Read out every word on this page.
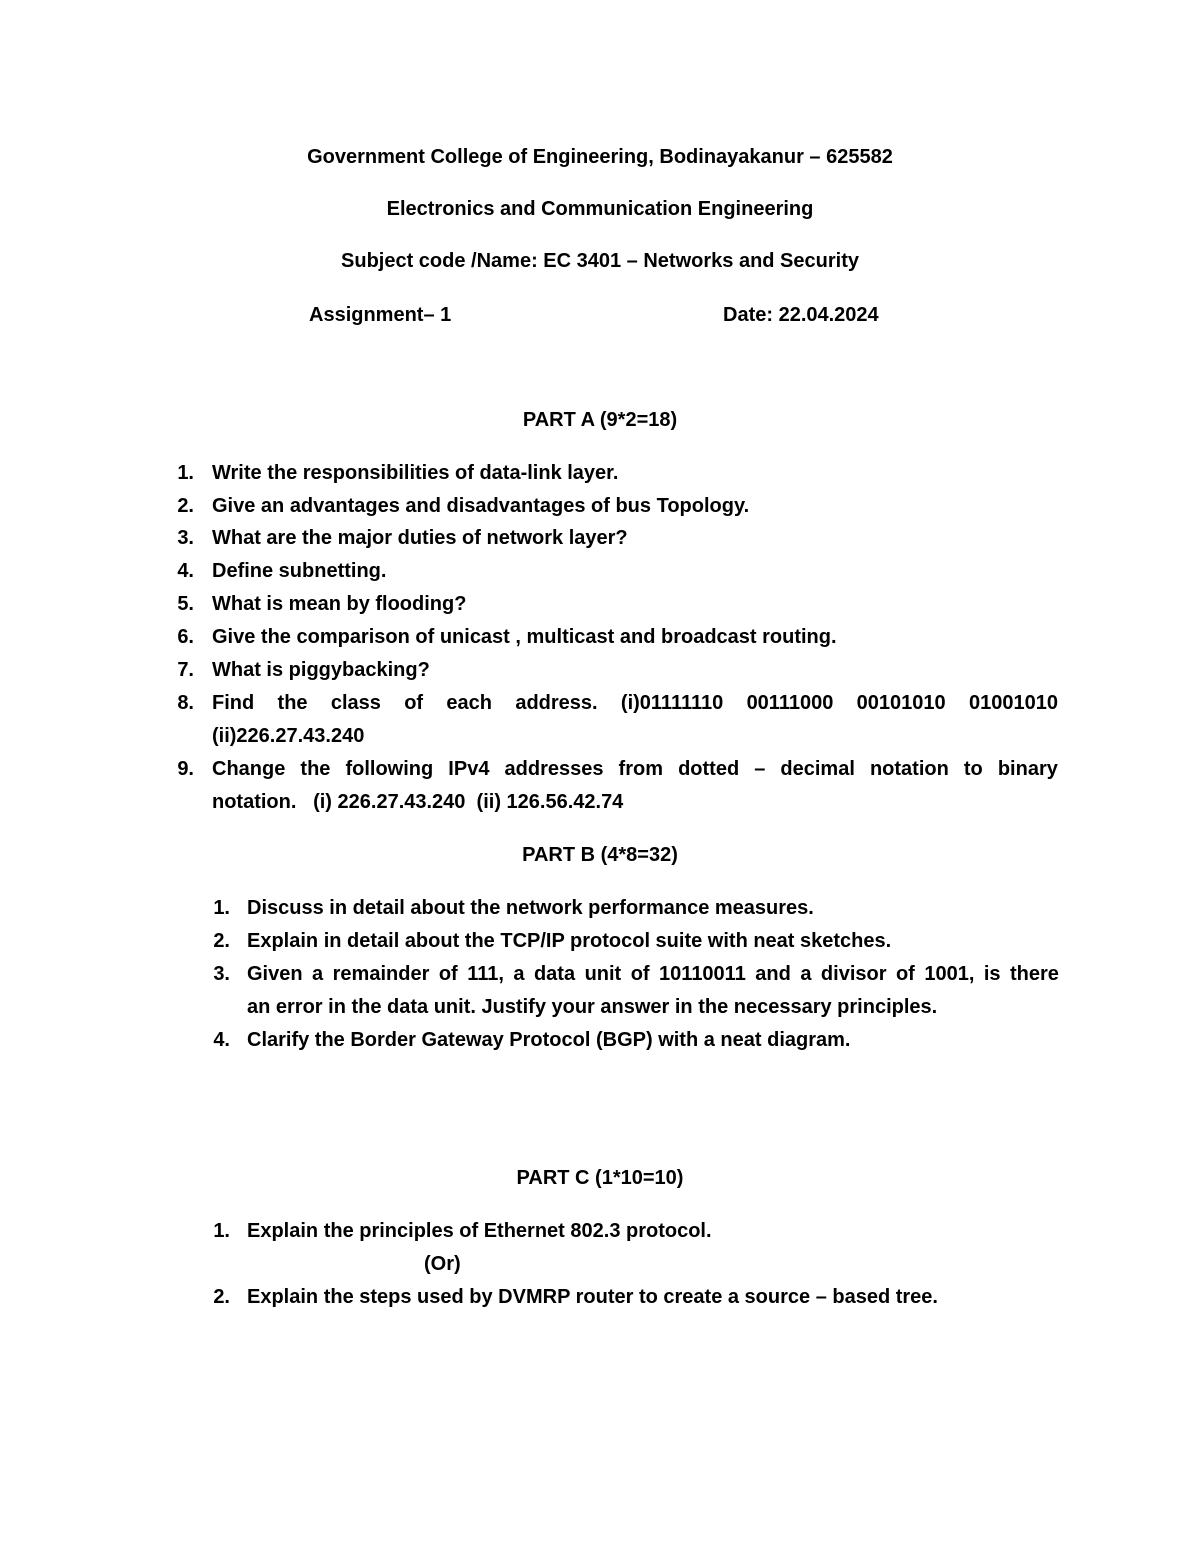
Government College of Engineering, Bodinayakanur – 625582
Electronics and Communication Engineering
Subject code /Name: EC 3401 – Networks and Security
Assignment– 1	Date: 22.04.2024
PART A (9*2=18)
1. Write the responsibilities of data-link layer.
2. Give an advantages and disadvantages of bus Topology.
3. What are the major duties of network layer?
4. Define subnetting.
5. What is mean by flooding?
6. Give the comparison of unicast , multicast and broadcast routing.
7. What is piggybacking?
8. Find the class of each address. (i)01111110 00111000 00101010 01001010
(ii)226.27.43.240
9. Change the following IPv4 addresses from dotted – decimal notation to binary
notation.   (i) 226.27.43.240  (ii) 126.56.42.74
PART B (4*8=32)
1. Discuss in detail about the network performance measures.
2. Explain in detail about the TCP/IP protocol suite with neat sketches.
3. Given a remainder of 111, a data unit of 10110011 and a divisor of 1001, is there
an error in the data unit. Justify your answer in the necessary principles.
4. Clarify the Border Gateway Protocol (BGP) with a neat diagram.
PART C (1*10=10)
1. Explain the principles of Ethernet 802.3 protocol.
(Or)
2. Explain the steps used by DVMRP router to create a source – based tree.
